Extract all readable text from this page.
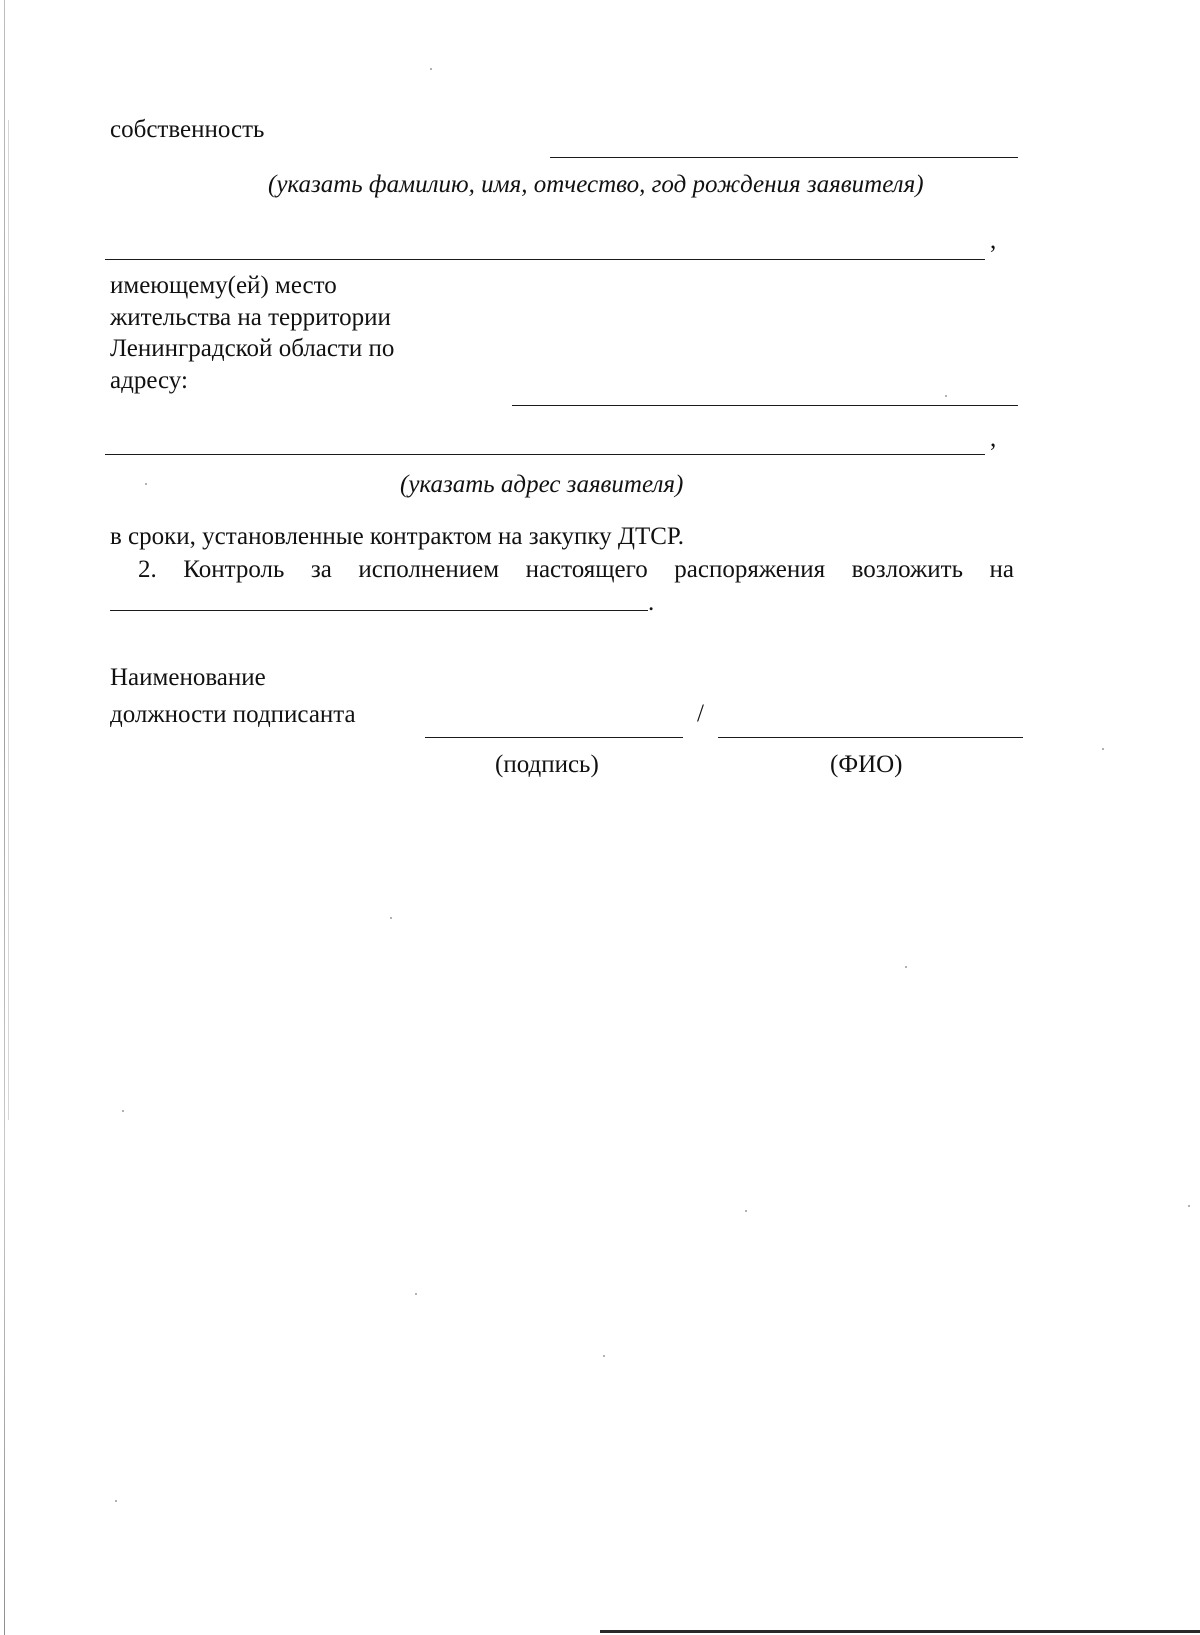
собственность
(указать фамилию, имя, отчество, год рождения заявителя)
,
имеющему(ей) место
жительства на территории
Ленинградской области по
адресу:
,
(указать адрес заявителя)
в сроки, установленные контрактом на закупку ДТСР.
2. Контроль за исполнением настоящего распоряжения возложить на
.
Наименование
должности подписанта	/
(подпись)	(ФИО)
